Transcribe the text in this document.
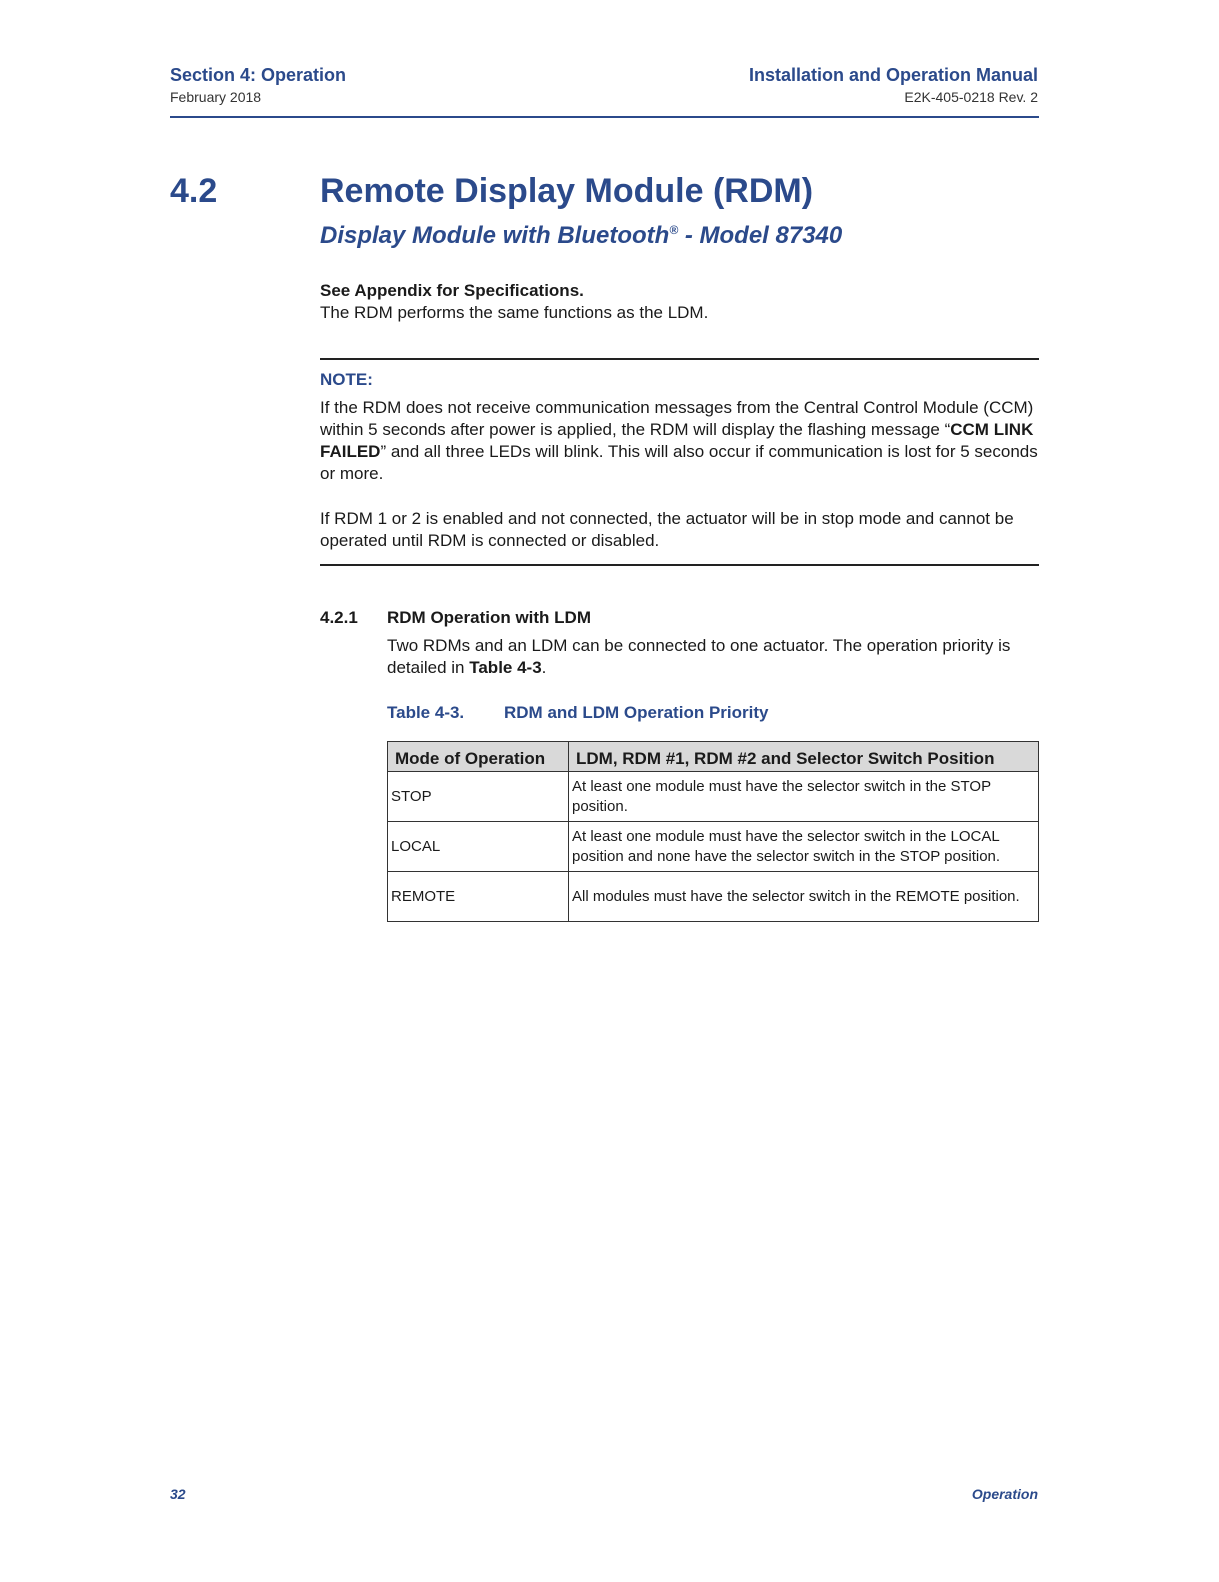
Section 4: Operation
February 2018
Installation and Operation Manual
E2K-405-0218 Rev. 2
4.2	Remote Display Module (RDM)
Display Module with Bluetooth® - Model 87340
See Appendix for Specifications.
The RDM performs the same functions as the LDM.
NOTE:
If the RDM does not receive communication messages from the Central Control Module (CCM) within 5 seconds after power is applied, the RDM will display the flashing message “CCM LINK FAILED” and all three LEDs will blink. This will also occur if communication is lost for 5 seconds or more.
If RDM 1 or 2 is enabled and not connected, the actuator will be in stop mode and cannot be operated until RDM is connected or disabled.
4.2.1 RDM Operation with LDM
Two RDMs and an LDM can be connected to one actuator. The operation priority is detailed in Table 4-3.
Table 4-3. RDM and LDM Operation Priority
Mode of Operation	LDM, RDM #1, RDM #2 and Selector Switch Position
STOP	At least one module must have the selector switch in the STOP position.
LOCAL	At least one module must have the selector switch in the LOCAL position and none have the selector switch in the STOP position.
REMOTE	All modules must have the selector switch in the REMOTE position.
32	Operation
